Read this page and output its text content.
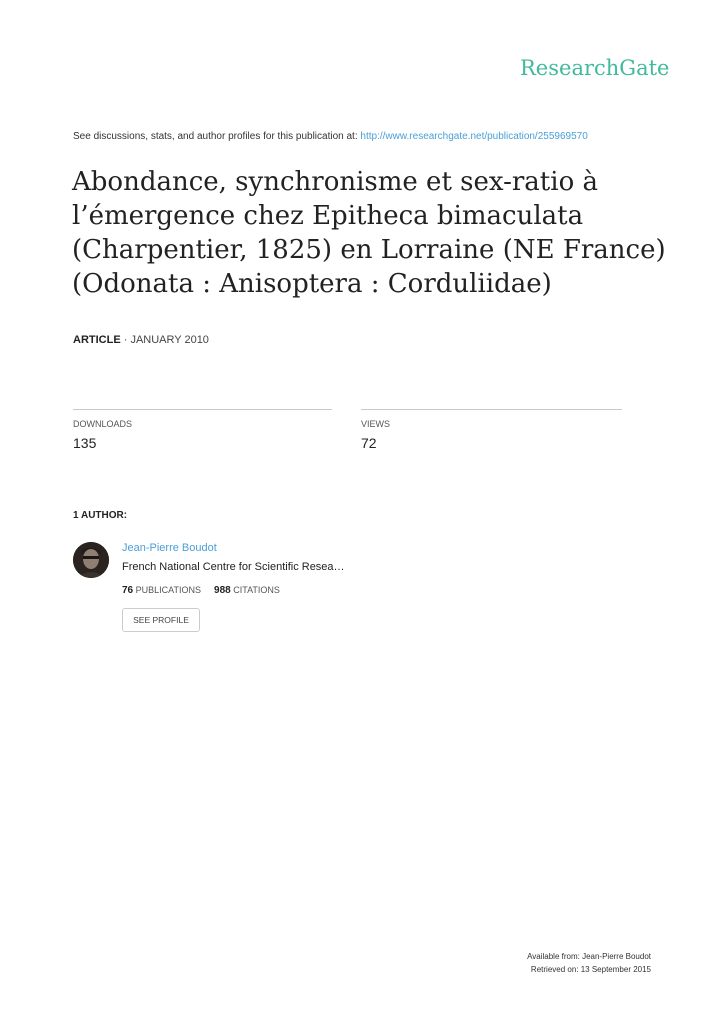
ResearchGate
See discussions, stats, and author profiles for this publication at: http://www.researchgate.net/publication/255969570
Abondance, synchronisme et sex-ratio à l’émergence chez Epitheca bimaculata (Charpentier, 1825) en Lorraine (NE France) (Odonata : Anisoptera : Corduliidae)
ARTICLE · JANUARY 2010
DOWNLOADS
135
VIEWS
72
1 AUTHOR:
Jean-Pierre Boudot
French National Centre for Scientific Resea…
76 PUBLICATIONS 988 CITATIONS
SEE PROFILE
Available from: Jean-Pierre Boudot
Retrieved on: 13 September 2015
